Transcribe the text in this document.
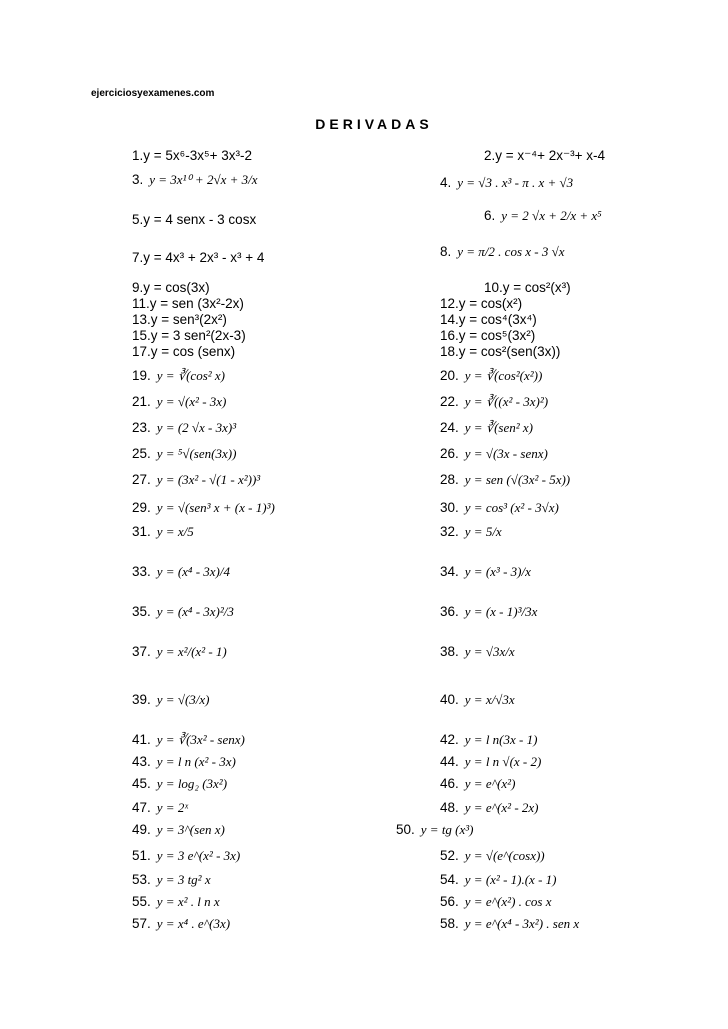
ejerciciosyexamenes.com
DERIVADAS
1.y = 5x⁶-3x⁵+ 3x³-2	2.y = x⁻⁴+ 2x⁻³+ x-4
3.y = 3x¹⁰ + 2√x + 3/x	4.y = √3 . x³ - π . x + √3
5.y = 4 senx - 3 cosx	6.y = 2 √x + 2/x + x⁵
7.y = 4x³ + 2x³ - x³ + 4	8.y = π/2 . cos x - 3 √x
9.y = cos(3x)	10.y = cos²(x³)
11.y = sen (3x²-2x)	12.y = cos(x²)
13.y = sen³(2x²)	14.y = cos⁴(3x⁴)
15.y = 3 sen²(2x-3)	16.y = cos⁵(3x²)
17.y = cos (senx)	18.y = cos²(sen(3x))
19.y = ∛(cos² x)	20.y = ∛(cos²(x²))
21.y = √(x² - 3x)	22.y = ∛((x² - 3x)²)
23.y = (2 √x - 3x)³	24.y = ∛(sen² x)
25.y = ⁵√(sen(3x))	26.y = √(3x - senx)
27.y = (3x² - √(1 - x²))³	28.y = sen (√(3x² - 5x))
29.y = √(sen³ x + (x - 1)³)	30.y = cos³ (x² - 3√x)
31.y = x/5	32.y = 5/x
33.y = (x⁴ - 3x)/4	34.y = (x³ - 3)/x
35.y = (x⁴ - 3x)²/3	36.y = (x - 1)³/3x
37.y = x²/(x² - 1)	38.y = √3x/x
39.y = √(3/x)	40.y = x/√3x
41.y = ∛(3x² - senx)	42.y = l n(3x - 1)
43.y = l n (x² - 3x)	44.y = l n √(x - 2)
45.y = log₂ (3x²)	46.y = e^(x²)
47.y = 2ˣ	48.y = e^(x² - 2x)
49.y = 3^(sen x)	50.y = tg (x³)
51.y = 3 e^(x² - 3x)	52.y = √(e^(cosx))
53.y = 3 tg² x	54.y = (x² - 1).(x - 1)
55.y = x² . l n x	56.y = e^(x²) . cos x
57.y = x⁴ . e^(3x)	58.y = e^(x⁴ - 3x²) . sen x
